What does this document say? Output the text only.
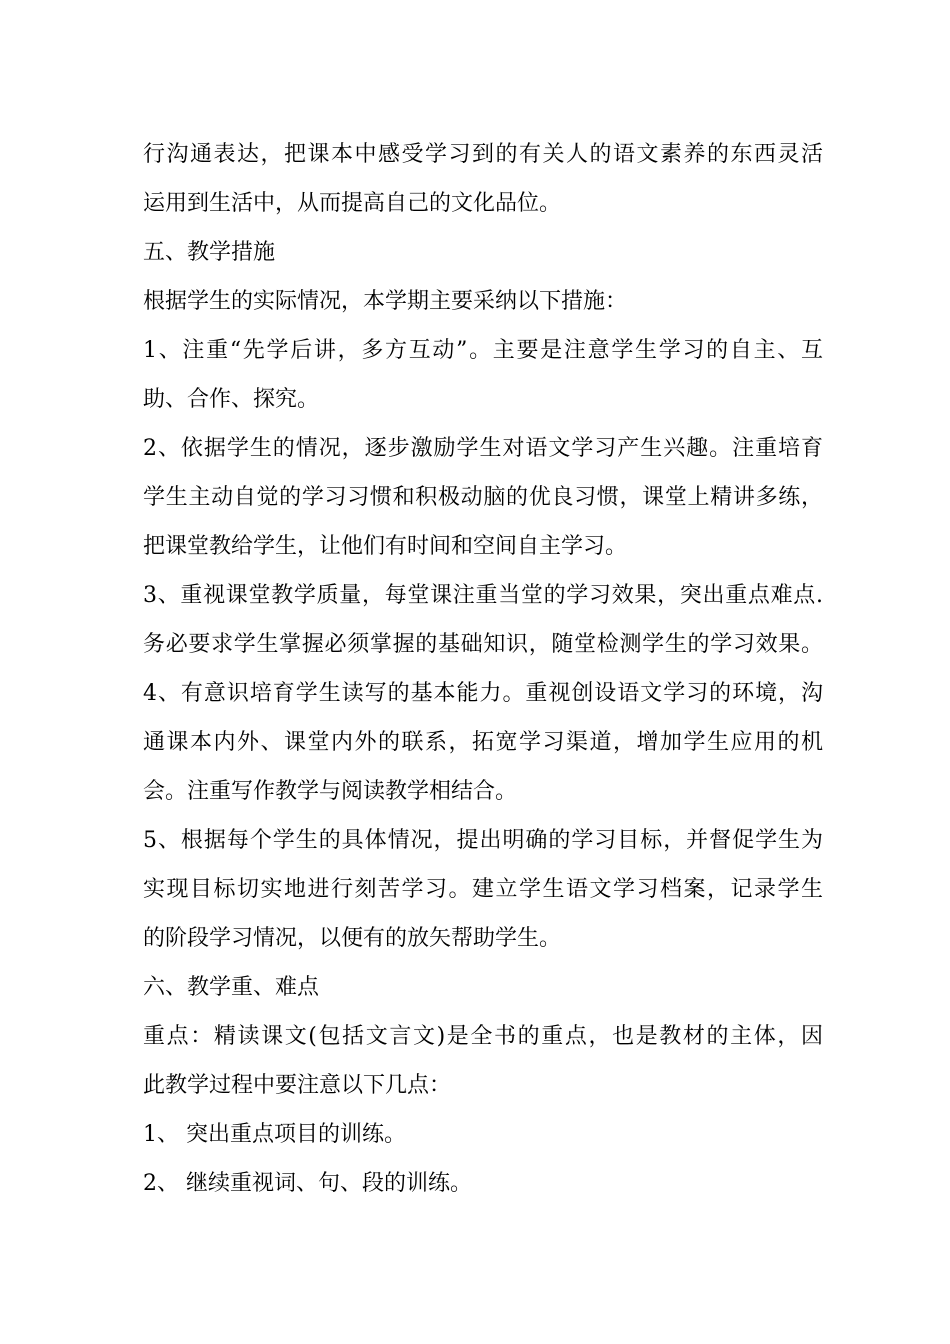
行沟通表达，把课本中感受学习到的有关人的语文素养的东西灵活
运用到生活中，从而提高自己的文化品位。
五、教学措施
根据学生的实际情况，本学期主要采纳以下措施：
1、注重“先学后讲，多方互动”。主要是注意学生学习的自主、互
助、合作、探究。
2、依据学生的情况，逐步激励学生对语文学习产生兴趣。注重培育
学生主动自觉的学习习惯和积极动脑的优良习惯，课堂上精讲多练，
把课堂教给学生，让他们有时间和空间自主学习。
3、重视课堂教学质量，每堂课注重当堂的学习效果，突出重点难点.
务必要求学生掌握必须掌握的基础知识，随堂检测学生的学习效果。
4、有意识培育学生读写的基本能力。重视创设语文学习的环境，沟
通课本内外、课堂内外的联系，拓宽学习渠道，增加学生应用的机
会。注重写作教学与阅读教学相结合。
5、根据每个学生的具体情况，提出明确的学习目标，并督促学生为
实现目标切实地进行刻苦学习。建立学生语文学习档案，记录学生
的阶段学习情况，以便有的放矢帮助学生。
六、教学重、难点
重点：精读课文(包括文言文)是全书的重点，也是教材的主体，因
此教学过程中要注意以下几点：
1、 突出重点项目的训练。
2、 继续重视词、句、段的训练。
